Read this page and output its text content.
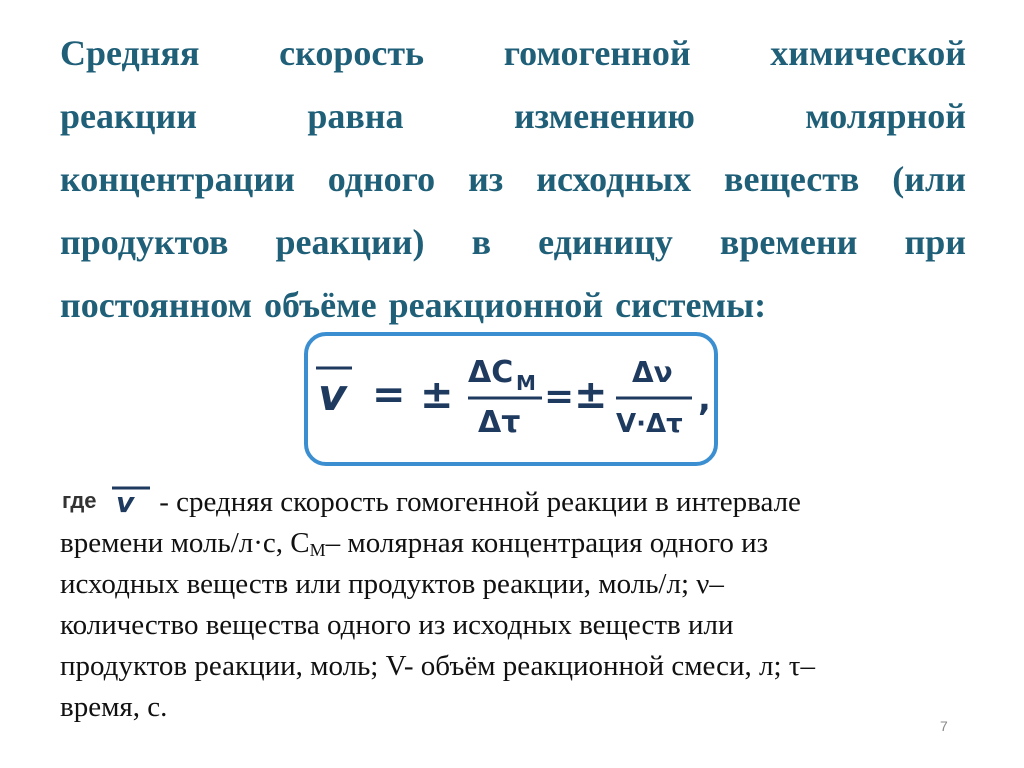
Средняя скорость гомогенной химической
реакции	равна	изменению	молярной
концентрации одного из исходных веществ (или
продуктов реакции) в единицу времени при
постоянном объёме реакционной системы:
v = ± ΔC M
Δτ
= ± Δν
V·Δτ
,
где v - средняя скорость гомогенной реакции в интервале
времени моль/л·с, $С_М-$ молярная концентрация одного из
исходных веществ или продуктов реакции, моль/л; ν–
количество вещества одного из исходных веществ или
продуктов реакции, моль; V- объём реакционной смеси, л; τ–
время, с.
7
